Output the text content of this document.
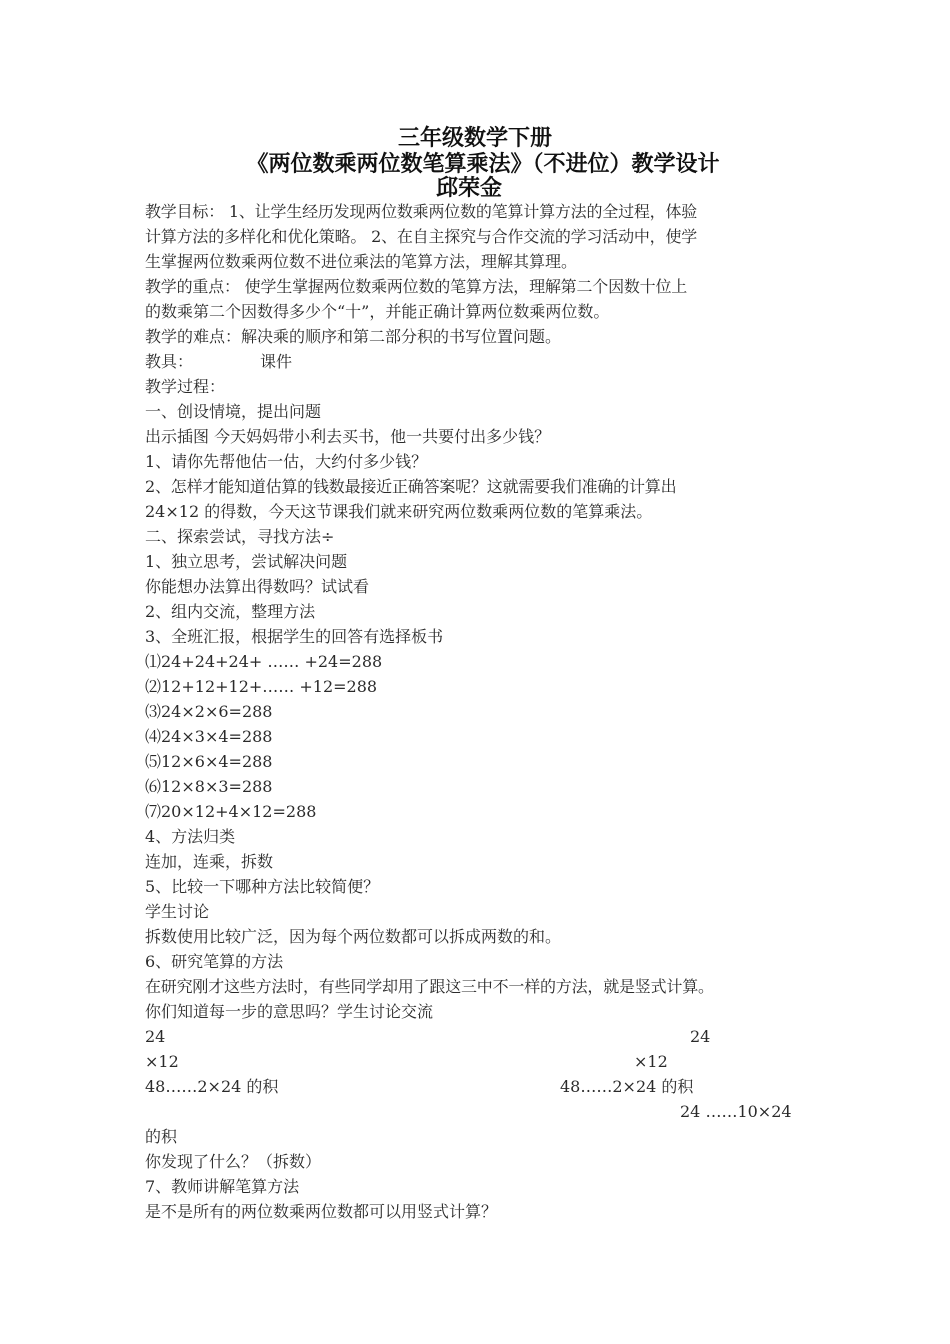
三年级数学下册
《两位数乘两位数笔算乘法》（不进位）教学设计
邱荣金
教学目标： 1、让学生经历发现两位数乘两位数的笔算计算方法的全过程，体验
计算方法的多样化和优化策略。 2、在自主探究与合作交流的学习活动中，使学
生掌握两位数乘两位数不进位乘法的笔算方法，理解其算理。
教学的重点： 使学生掌握两位数乘两位数的笔算方法，理解第二个因数十位上
的数乘第二个因数得多少个“十”，并能正确计算两位数乘两位数。
教学的难点：解决乘的顺序和第二部分积的书写位置问题。
教具：	课件
教学过程：
一、创设情境，提出问题
出示插图 今天妈妈带小利去买书，他一共要付出多少钱？
1、请你先帮他估一估，大约付多少钱？
2、怎样才能知道估算的钱数最接近正确答案呢？这就需要我们准确的计算出
24×12 的得数，今天这节课我们就来研究两位数乘两位数的笔算乘法。
二、探索尝试，寻找方法÷
1、独立思考，尝试解决问题
你能想办法算出得数吗？试试看
2、组内交流，整理方法
3、全班汇报，根据学生的回答有选择板书
⑴24+24+24+ …… +24=288
⑵12+12+12+…… +12=288
⑶24×2×6=288
⑷24×3×4=288
⑸12×6×4=288
⑹12×8×3=288
⑺20×12+4×12=288
4、方法归类
连加，连乘，拆数
5、比较一下哪种方法比较简便？
学生讨论
拆数使用比较广泛，因为每个两位数都可以拆成两数的和。
6、研究笔算的方法
在研究刚才这些方法时，有些同学却用了跟这三中不一样的方法，就是竖式计算。
你们知道每一步的意思吗？学生讨论交流
24	24
×12	×12
48……2×24 的积	48……2×24 的积
24 ……10×24
的积
你发现了什么？（拆数）
7、教师讲解笔算方法
是不是所有的两位数乘两位数都可以用竖式计算？
